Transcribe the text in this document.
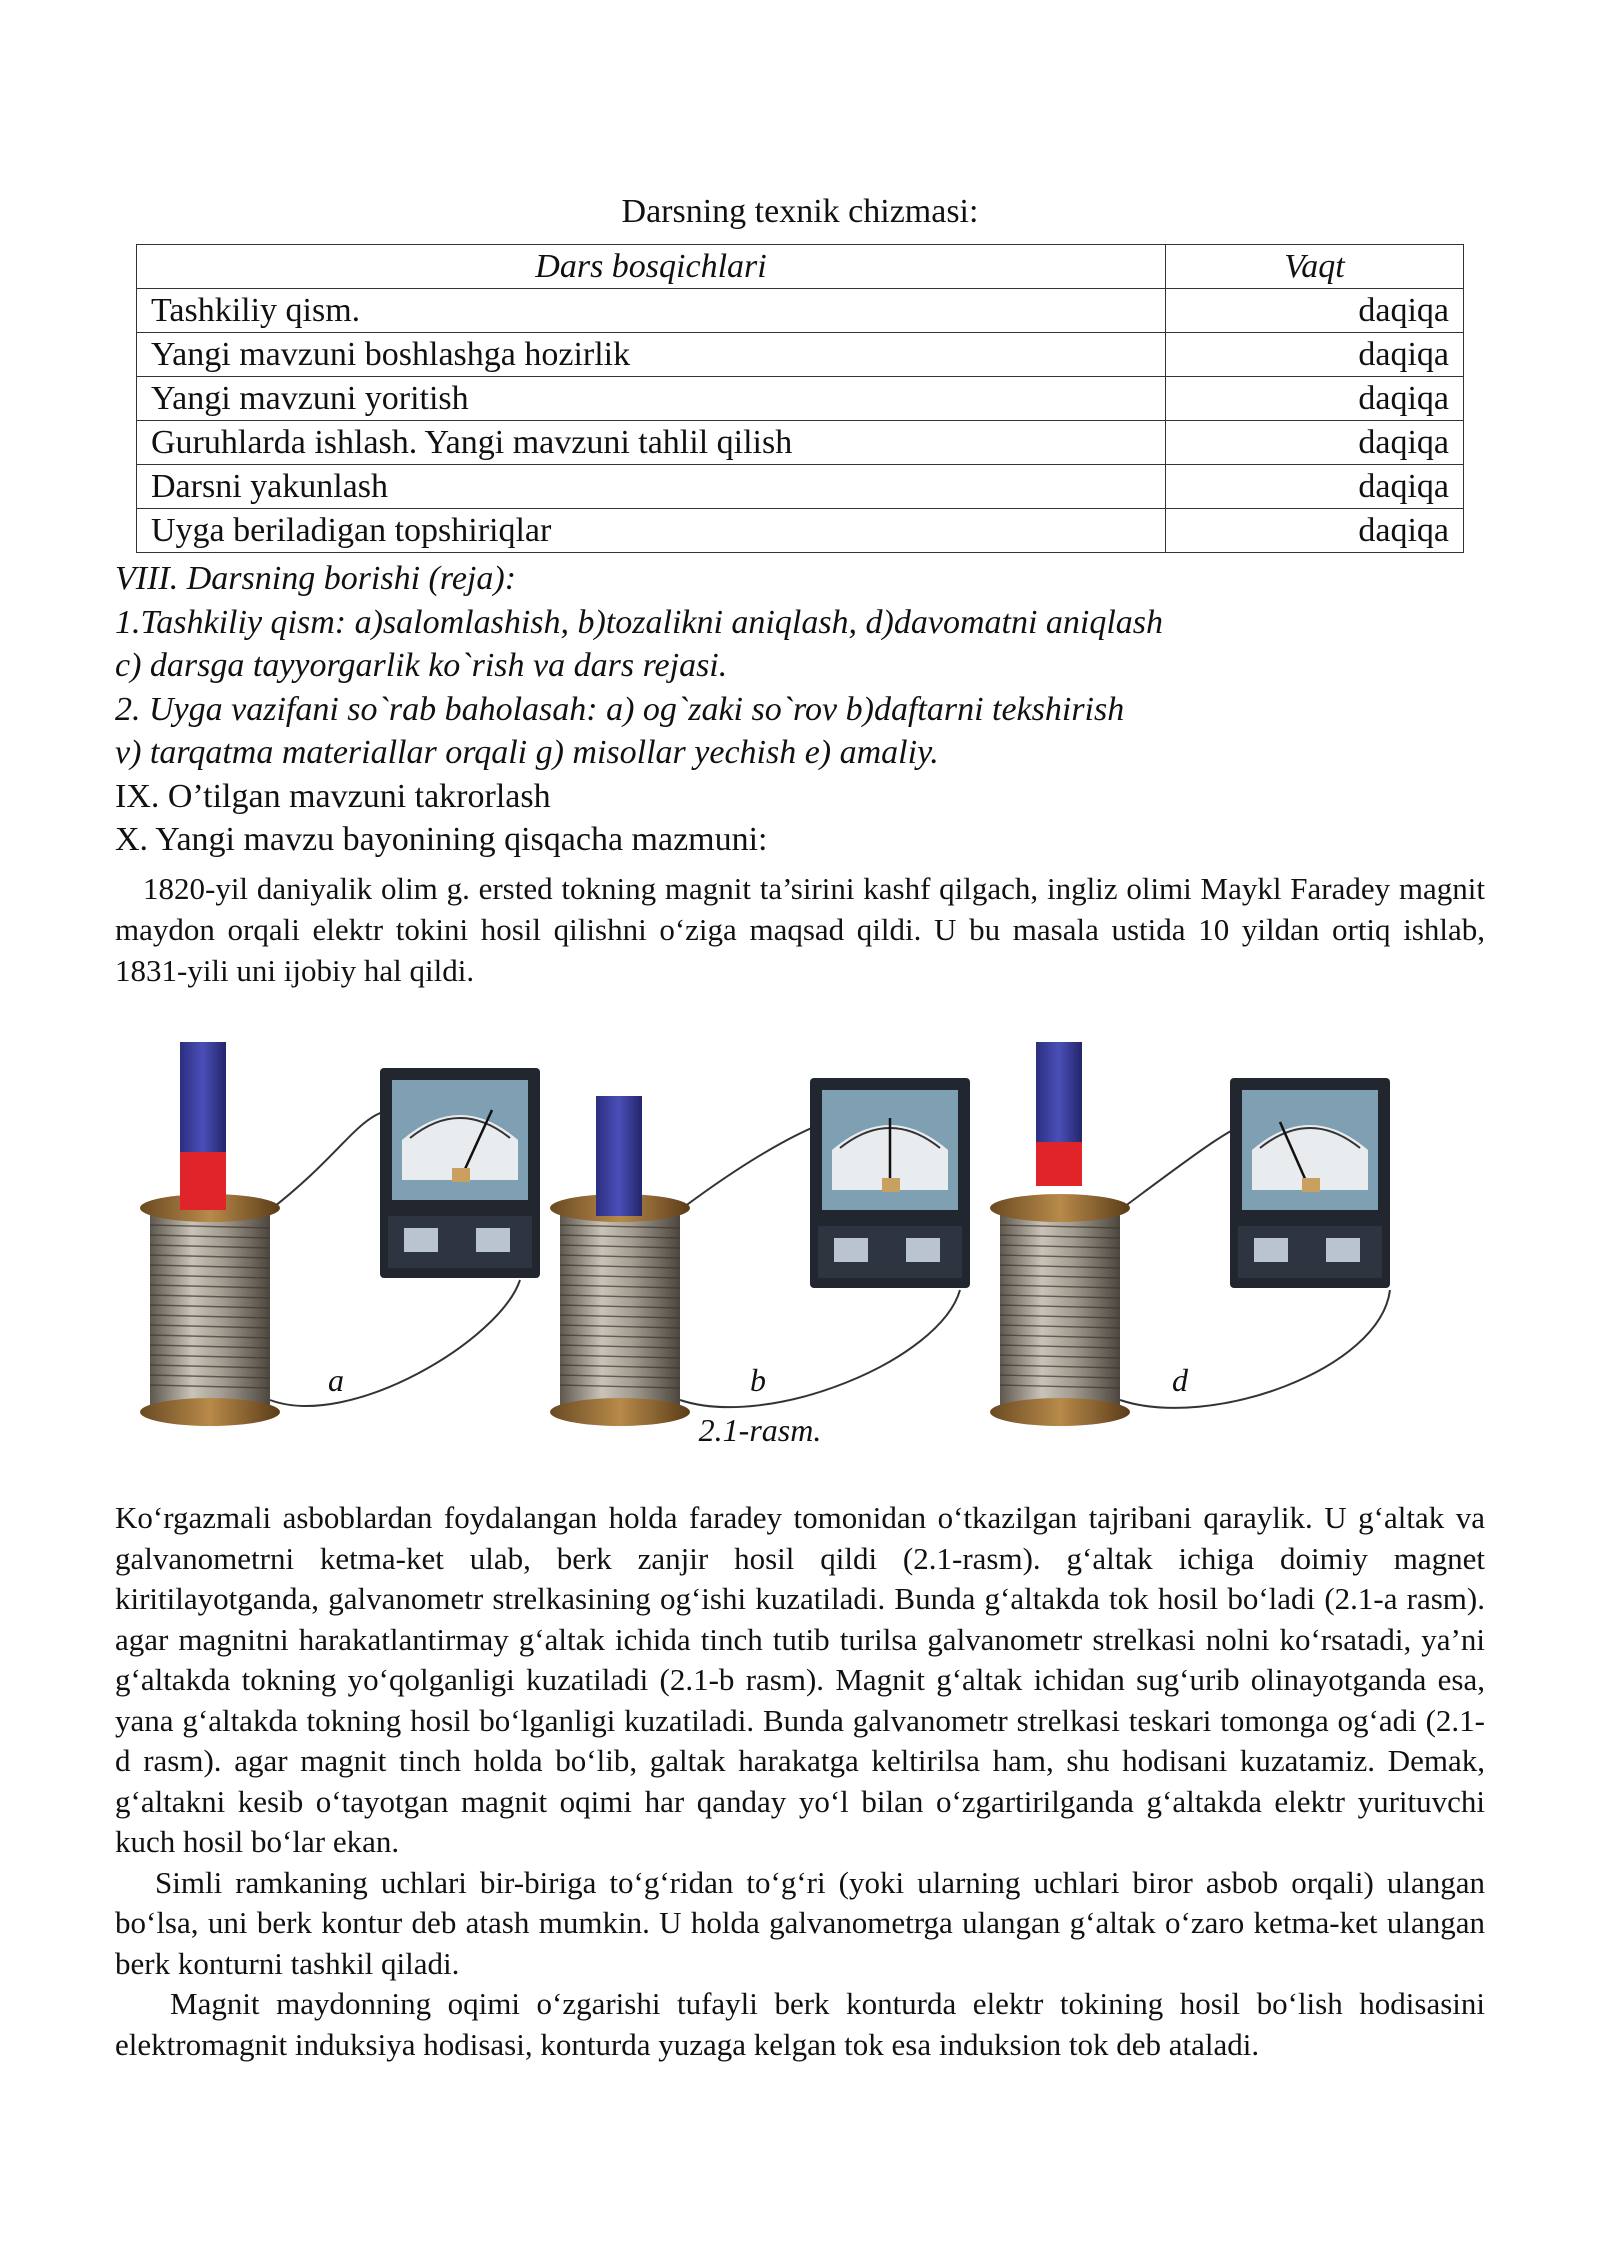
Darsning texnik chizmasi:
Dars bosqichlari	Vaqt
Tashkiliy qism.	daqiqa
Yangi mavzuni boshlashga hozirlik	daqiqa
Yangi mavzuni yoritish	daqiqa
Guruhlarda ishlash. Yangi mavzuni tahlil qilish	daqiqa
Darsni yakunlash	daqiqa
Uyga beriladigan topshiriqlar	daqiqa
VIII. Darsning borishi (reja):
1.Tashkiliy qism: a)salomlashish, b)tozalikni aniqlash, d)davomatni aniqlash
c) darsga tayyorgarlik ko`rish va dars rejasi.
2. Uyga vazifani so`rab baholasah: a) og`zaki so`rov b)daftarni tekshirish
v) tarqatma materiallar orqali g) misollar yechish e) amaliy.
IX. O’tilgan mavzuni takrorlash
X. Yangi mavzu bayonining qisqacha mazmuni:
1820-yil daniyalik olim g. ersted tokning magnit ta’sirini kashf qilgach, ingliz olimi Maykl Faradey magnit maydon orqali elektr tokini hosil qilishni o‘ziga maqsad qildi. U bu masala ustida 10 yildan ortiq ishlab, 1831-yili uni ijobiy hal qildi.
a	b	d
2.1-rasm.
Ko‘rgazmali asboblardan foydalangan holda faradey tomonidan o‘tkazilgan tajribani qaraylik. U g‘altak va galvanometrni ketma-ket ulab, berk zanjir hosil qildi (2.1-rasm). g‘altak ichiga doimiy magnet kiritilayotganda, galvanometr strelkasining og‘ishi kuzatiladi. Bunda g‘altakda tok hosil bo‘ladi (2.1-a rasm). agar magnitni harakatlantirmay g‘altak ichida tinch tutib turilsa galvanometr strelkasi nolni ko‘rsatadi, ya’ni g‘altakda tokning yo‘qolganligi kuzatiladi (2.1-b rasm). Magnit g‘altak ichidan sug‘urib olinayotganda esa, yana g‘altakda tokning hosil bo‘lganligi kuzatiladi. Bunda galvanometr strelkasi teskari tomonga og‘adi (2.1-d rasm). agar magnit tinch holda bo‘lib, galtak harakatga keltirilsa ham, shu hodisani kuzatamiz. Demak, g‘altakni kesib o‘tayotgan magnit oqimi har qanday yo‘l bilan o‘zgartirilganda g‘altakda elektr yurituvchi kuch hosil bo‘lar ekan.
Simli ramkaning uchlari bir-biriga to‘g‘ridan to‘g‘ri (yoki ularning uchlari biror asbob orqali) ulangan bo‘lsa, uni berk kontur deb atash mumkin. U holda galvanometrga ulangan g‘altak o‘zaro ketma-ket ulangan berk konturni tashkil qiladi.
Magnit maydonning oqimi o‘zgarishi tufayli berk konturda elektr tokining hosil bo‘lish hodisasini elektromagnit induksiya hodisasi, konturda yuzaga kelgan tok esa induksion tok deb ataladi.
